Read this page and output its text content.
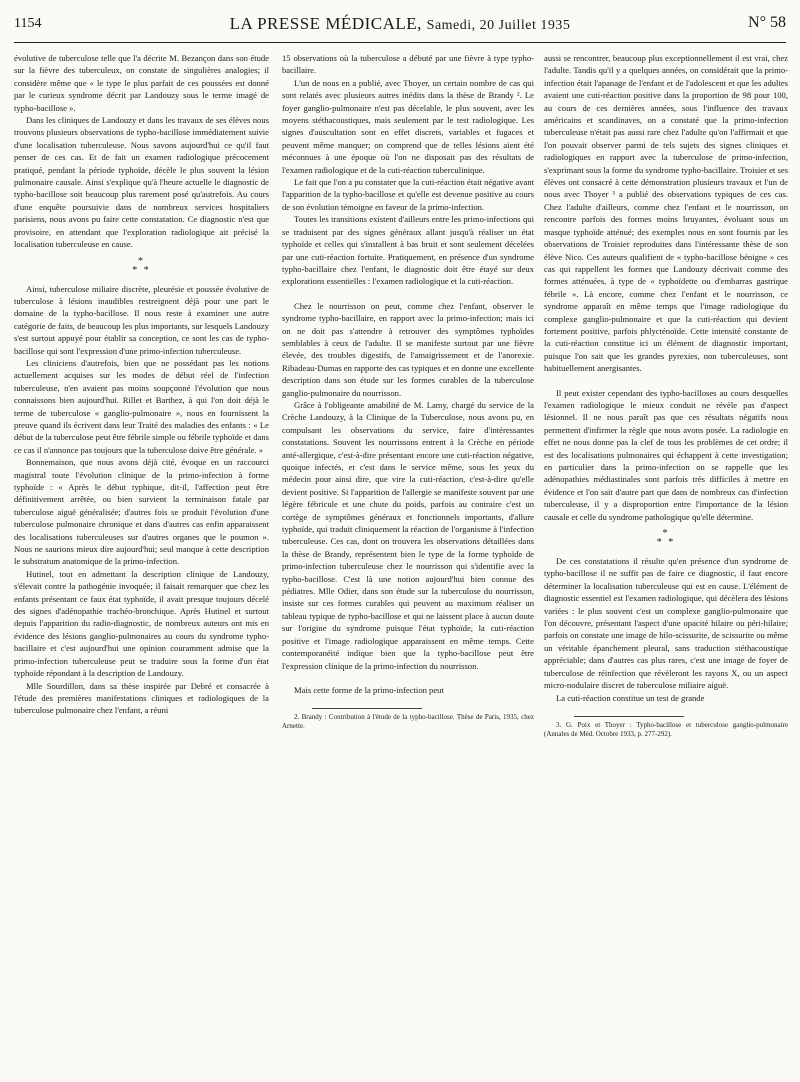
1154	LA PRESSE MÉDICALE, Samedi, 20 Juillet 1935	N° 58

évolutive de tuberculose telle que l'a décrite M. Bezançon dans son étude sur la fièvre des tuberculeux, on constate de singulières analogies; il considère même que « le type le plus parfait de ces poussées est donné par le curieux syndrome décrit par Landouzy sous le terme imagé de typho-bacillose ».

Dans les cliniques de Landouzy et dans les travaux de ses élèves nous trouvons plusieurs observations de typho-bacillose immédiatement suivie d'une localisation tuberculeuse. Nous savons aujourd'hui ce qu'il faut penser de ces cas. Et de fait un examen radiologique précocement pratiqué, pendant la période typhoïde, décèle le plus souvent la lésion pulmonaire causale. Ainsi s'explique qu'à l'heure actuelle le diagnostic de typho-bacillose soit beaucoup plus rarement posé qu'autrefois. Au cours d'une enquête poursuivie dans de nombreux services hospitaliers parisiens, nous avons pu faire cette constatation. Ce diagnostic n'est que provisoire, en attendant que l'exploration radiologique ait précisé la localisation tuberculeuse en cause.

*
* *

Ainsi, tuberculose miliaire discrète, pleurésie et poussée évolutive de tuberculose à lésions inaudibles restreignent déjà pour une part le domaine de la typho-bacillose. Il nous reste à examiner une autre catégorie de faits, de beaucoup les plus importants, sur lesquels Landouzy s'est surtout appuyé pour établir sa conception, ce sont les cas de typho-bacillose qui sont l'expression d'une primo-infection tuberculeuse.

Les cliniciens d'autrefois, bien que ne possédant pas les notions actuellement acquises sur les modes de début réel de l'infection tuberculeuse, n'en avaient pas moins soupçonné l'évolution que nous connaissons bien aujourd'hui. Rillet et Barthez, à qui l'on doit déjà le terme de tuberculose « ganglio-pulmonaire », nous en fournissent la preuve quand ils écrivent dans leur Traité des maladies des enfants : « Le début de la tuberculose peut être fébrile simple ou fébrile typhoïde et dans ce cas il n'annonce pas toujours que la tuberculose doive être générale. »

Bonnemaison, que nous avons déjà cité, évoque en un raccourci magistral toute l'évolution clinique de la primo-infection à forme typhoïde : « Après le début typhique, dit-il, l'affection peut être définitivement arrêtée, ou bien survient la terminaison fatale par tuberculose aiguë généralisée; d'autres fois se produit l'évolution d'une tuberculose pulmonaire chronique et dans d'autres cas enfin apparaissent des localisations tuberculeuses sur d'autres organes que le poumon ». Nous ne saurions mieux dire aujourd'hui; seul manque à cette description le substratum anatomique de la primo-infection.

Hutinel, tout en admettant la description clinique de Landouzy, s'élevait contre la pathogénie invoquée; il faisait remarquer que chez les enfants présentant ce faux état typhoïde, il avait presque toujours décelé des signes d'adénopathie trachéo-bronchique. Après Hutinel et surtout depuis l'apparition du radio-diagnostic, de nombreux auteurs ont mis en évidence des lésions ganglio-pulmonaires au cours du syndrome typho-bacillaire et c'est aujourd'hui une opinion couramment admise que la primo-infection tuberculeuse peut se traduire sous la forme d'un état typhoïde répondant à la description de Landouzy.

Mlle Sourdillon, dans sa thèse inspirée par Debré et consacrée à l'étude des premières manifestations cliniques et radiologiques de la tuberculose pulmonaire chez l'enfant, a réuni

15 observations où la tuberculose a débuté par une fièvre à type typho-bacillaire.

L'un de nous en a publié, avec Thoyer, un certain nombre de cas qui sont relatés avec plusieurs autres inédits dans la thèse de Brandy ². Le foyer ganglio-pulmonaire n'est pas décelable, le plus souvent, avec les moyens stéthacoustiques, mais seulement par le test radiologique. Les signes d'auscultation sont en effet discrets, variables et fugaces et peuvent même manquer; on comprend que de telles lésions aient été méconnues à une époque où l'on ne disposait pas des résultats de l'examen radiologique et de la cuti-réaction tuberculinique.

Le fait que l'on a pu constater que la cuti-réaction était négative avant l'apparition de la typho-bacillose et qu'elle est devenue positive au cours de son évolution témoigne en faveur de la primo-infection.

Toutes les transitions existent d'ailleurs entre les primo-infections qui se traduisent par des signes généraux allant jusqu'à réaliser un état typhoïde et celles qui s'installent à bas bruit et sont seulement décelées par une cuti-réaction fortuite. Pratiquement, en présence d'un syndrome typho-bacillaire chez l'enfant, le diagnostic doit être étayé sur deux explorations essentielles : l'examen radiologique et la cuti-réaction.

Chez le nourrisson on peut, comme chez l'enfant, observer le syndrome typho-bacillaire, en rapport avec la primo-infection; mais ici on ne doit pas s'attendre à retrouver des symptômes typhoïdes semblables à ceux de l'adulte. Il se manifeste surtout par une fièvre élevée, des troubles digestifs, de l'amaigrissement et de l'anorexie. Ribadeau-Dumas en rapporte des cas typiques et en donne une excellente description dans son étude sur les formes curables de la tuberculose ganglio-pulmonaire du nourrisson.

Grâce à l'obligeante amabilité de M. Lamy, chargé du service de la Crèche Landouzy, à la Clinique de la Tuberculose, nous avons pu, en compulsant les observations du service, faire d'intéressantes constatations. Souvent les nourrissons entrent à la Crèche en période anté-allergique, c'est-à-dire présentant encore une cuti-réaction négative, quoique infectés, et c'est dans le service même, sous les yeux du médecin pour ainsi dire, que vire la cuti-réaction, c'est-à-dire qu'elle devient positive. Si l'apparition de l'allergie se manifeste souvent par une légère fébricule et une chute du poids, parfois au contraire c'est un cortège de symptômes généraux et fonctionnels importants, d'allure typhoïde, qui traduit cliniquement la réaction de l'organisme à l'infection tuberculeuse. Ces cas, dont on trouvera les observations détaillées dans la thèse de Brandy, représentent bien le type de la forme typhoïde de primo-infection tuberculeuse chez le nourrisson qui s'identifie avec la typho-bacillose. C'est là une notion aujourd'hui bien connue des pédiatres. Mlle Odier, dans son étude sur la tuberculose du nourrisson, insiste sur ces formes curables qui peuvent au maximum réaliser un tableau typique de typho-bacillose et qui ne laissent place à aucun doute sur l'origine du syndrome puisque l'état typhoïde, la cuti-réaction positive et l'image radiologique apparaissent en même temps. Cette contemporanéité indique bien que la typho-bacillose peut être l'expression clinique de la primo-infection du nourrisson.

Mais cette forme de la primo-infection peut

2. Brandy : Contribution à l'étude de la typho-bacillose. Thèse de Paris, 1935, chez Arnette.

aussi se rencontrer, beaucoup plus exceptionnellement il est vrai, chez l'adulte. Tandis qu'il y a quelques années, on considérait que la primo-infection était l'apanage de l'enfant et de l'adolescent et que les adultes avaient une cuti-réaction positive dans la proportion de 98 pour 100, au cours de ces dernières années, sous l'influence des travaux américains et scandinaves, on a constaté que la primo-infection tuberculeuse n'était pas aussi rare chez l'adulte qu'on l'affirmait et que l'on pouvait observer parmi de tels sujets des signes cliniques et radiologiques en rapport avec la tuberculose de primo-infection, s'exprimant sous la forme du syndrome typho-bacillaire. Troisier et ses élèves ont consacré à cette démonstration plusieurs travaux et l'un de nous avec Thoyer ³ a publié des observations typiques de ces cas. Chez l'adulte d'ailleurs, comme chez l'enfant et le nourrisson, on rencontre parfois des formes moins bruyantes, évoluant sous un masque typhoïde atténué; des exemples nous en sont fournis par les observations de Troisier reproduites dans l'intéressante thèse de son élève Nico. Ces auteurs qualifient de « typho-bacillose bénigne » ces cas qui rappellent les formes que Landouzy décrivait comme des formes atténuées, à type de « typhoïdette ou d'embarras gastrique fébrile ». Là encore, comme chez l'enfant et le nourrisson, ce syndrome apparaît en même temps que l'image radiologique du complexe ganglio-pulmonaire et que la cuti-réaction qui devient fortement positive, parfois phlycténoïde. Cette intensité constante de la cuti-réaction constitue ici un élément de diagnostic important, puisque l'on sait que les grandes pyrexies, non tuberculeuses, sont habituellement anergisantes.

Il peut exister cependant des typho-bacilloses au cours desquelles l'examen radiologique le mieux conduit ne révèle pas d'aspect lésionnel. Il ne nous paraît pas que ces résultats négatifs nous permettent d'infirmer la règle que nous avons posée. La radiologie en effet ne nous donne pas la clef de tous les problèmes de cet ordre; il est des localisations pulmonaires qui échappent à cette investigation; en particulier dans la primo-infection on se rappelle que les adénopathies médiastinales sont parfois très difficiles à mettre en évidence et l'on sait d'autre part que dans de nombreux cas d'infection tuberculeuse, il y a disproportion entre l'importance de la lésion causale et celle du syndrome pathologique qu'elle détermine.

*
* *

De ces constatations il résulte qu'en présence d'un syndrome de typho-bacillose il ne suffit pas de faire ce diagnostic, il faut encore déterminer la localisation tuberculeuse qui est en cause. L'élément de diagnostic essentiel est l'examen radiologique, qui décèlera des lésions variées : le plus souvent c'est un complexe ganglio-pulmonaire que l'on découvre, présentant l'aspect d'une opacité hilaire ou péri-hilaire; parfois on constate une image de hilo-scissurite, de scissurite ou même un véritable épanchement pleural, sans traduction stéthacoustique appréciable; dans d'autres cas plus rares, c'est une image de foyer de tuberculose de réinfection que révèleront les rayons X, ou un aspect micro-nodulaire discret de tuberculose miliaire aiguë.

La cuti-réaction constitue un test de grande

3. G. Poix et Thoyer : Typho-bacillose et tuberculose ganglio-pulmonaire (Annales de Méd. Octobre 1933, p. 277-292).
